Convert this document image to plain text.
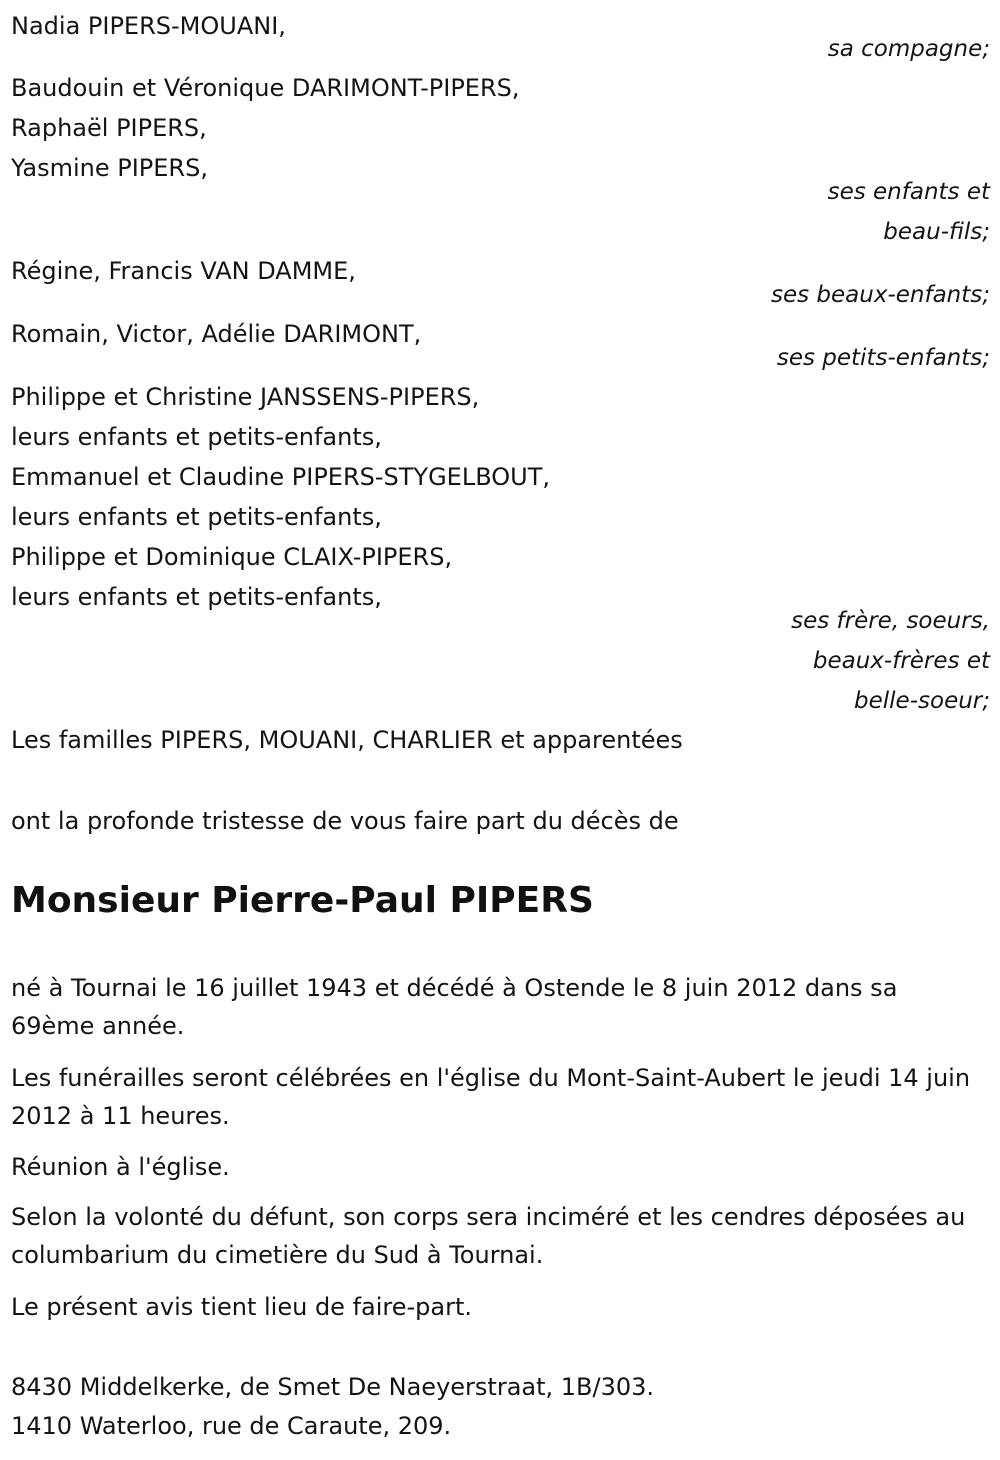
Nadia PIPERS-MOUANI,
sa compagne;
Baudouin et Véronique DARIMONT-PIPERS,
Raphaël PIPERS,
Yasmine PIPERS,
ses enfants et
beau-fils;
Régine, Francis VAN DAMME,
ses beaux-enfants;
Romain, Victor, Adélie DARIMONT,
ses petits-enfants;
Philippe et Christine JANSSENS-PIPERS,
leurs enfants et petits-enfants,
Emmanuel et Claudine PIPERS-STYGELBOUT,
leurs enfants et petits-enfants,
Philippe et Dominique CLAIX-PIPERS,
leurs enfants et petits-enfants,
ses frère, soeurs,
beaux-frères et
belle-soeur;
Les familles PIPERS, MOUANI, CHARLIER et apparentées
ont la profonde tristesse de vous faire part du décès de
Monsieur Pierre-Paul PIPERS
né à Tournai le 16 juillet 1943 et décédé à Ostende le 8 juin 2012 dans sa 69ème année.
Les funérailles seront célébrées en l'église du Mont-Saint-Aubert le jeudi 14 juin 2012 à 11 heures.
Réunion à l'église.
Selon la volonté du défunt, son corps sera inciméré et les cendres déposées au columbarium du cimetière du Sud à Tournai.
Le présent avis tient lieu de faire-part.
8430 Middelkerke, de Smet De Naeyerstraat, 1B/303.
1410 Waterloo, rue de Caraute, 209.
